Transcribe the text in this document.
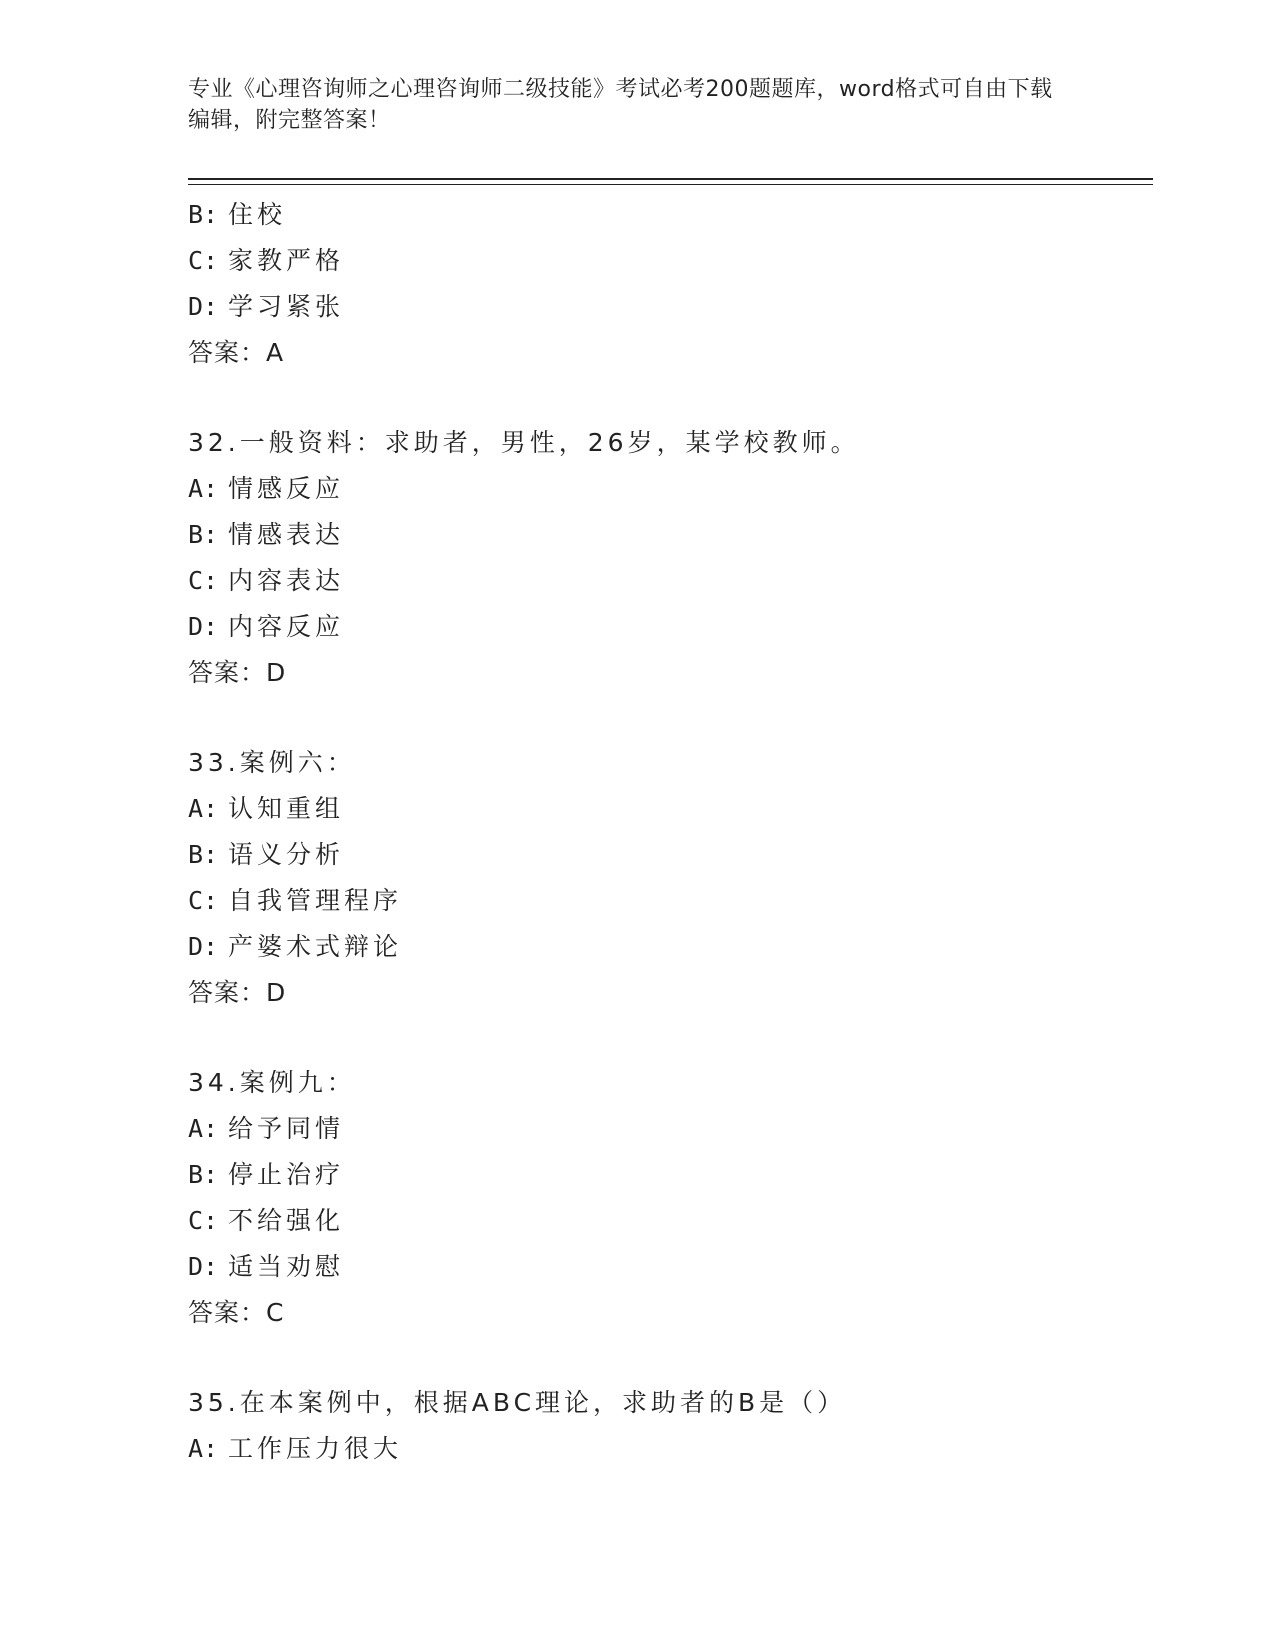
专业《心理咨询师之心理咨询师二级技能》考试必考200题题库，word格式可自由下载编辑，附完整答案！
B: 住校
C: 家教严格
D: 学习紧张
答案：A
32.一般资料：求助者，男性，26岁，某学校教师。
A: 情感反应
B: 情感表达
C: 内容表达
D: 内容反应
答案：D
33.案例六：
A: 认知重组
B: 语义分析
C: 自我管理程序
D: 产婆术式辩论
答案：D
34.案例九：
A: 给予同情
B: 停止治疗
C: 不给强化
D: 适当劝慰
答案：C
35.在本案例中，根据ABC理论，求助者的B是（）
A: 工作压力很大
